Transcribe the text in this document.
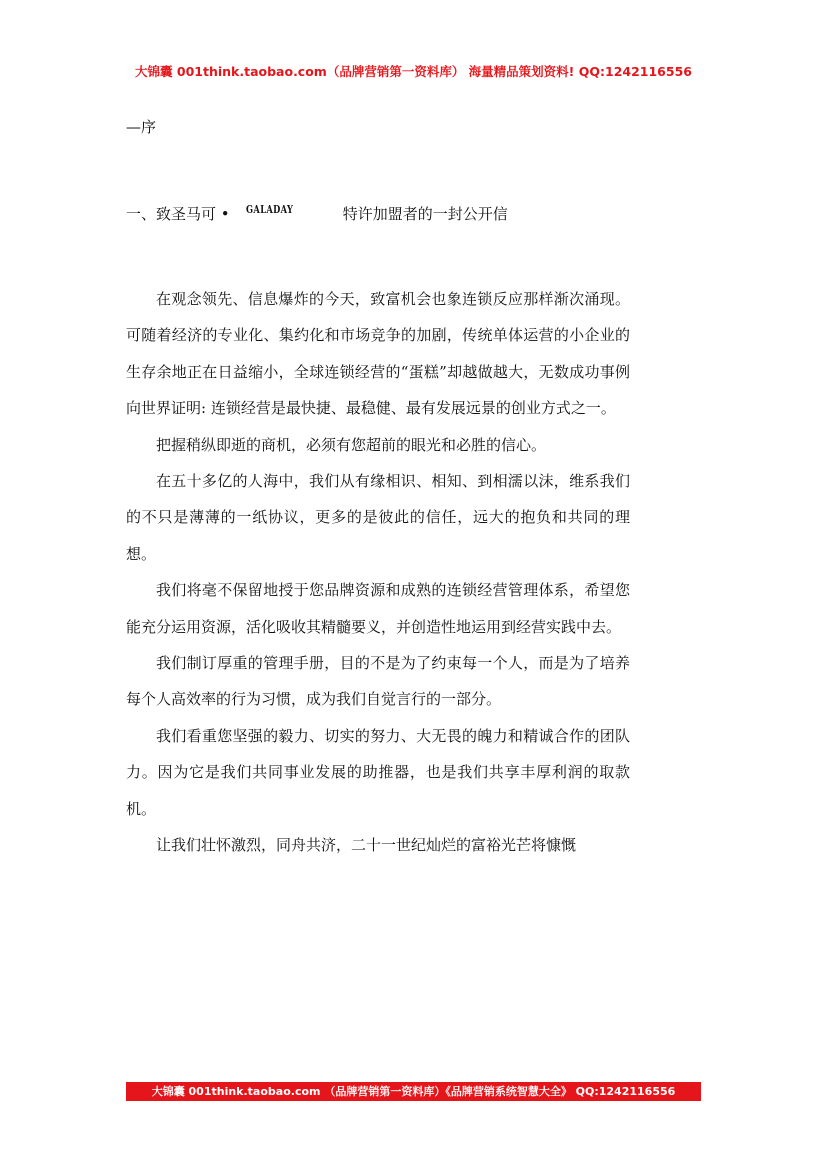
大锦囊 001think.taobao.com（品牌营销第一资料库） 海量精品策划资料! QQ:1242116556
—序
一、致圣马可 • GALADAY	特许加盟者的一封公开信

在观念领先、信息爆炸的今天，致富机会也象连锁反应那样渐次涌现。可随着经济的专业化、集约化和市场竞争的加剧，传统单体运营的小企业的生存余地正在日益缩小，全球连锁经营的“蛋糕”却越做越大，无数成功事例向世界证明: 连锁经营是最快捷、最稳健、最有发展远景的创业方式之一。

把握稍纵即逝的商机，必须有您超前的眼光和必胜的信心。

在五十多亿的人海中，我们从有缘相识、相知、到相濡以沫，维系我们的不只是薄薄的一纸协议，更多的是彼此的信任，远大的抱负和共同的理想。

我们将毫不保留地授于您品牌资源和成熟的连锁经营管理体系，希望您能充分运用资源，活化吸收其精髓要义，并创造性地运用到经营实践中去。

我们制订厚重的管理手册，目的不是为了约束每一个人，而是为了培养每个人高效率的行为习惯，成为我们自觉言行的一部分。

我们看重您坚强的毅力、切实的努力、大无畏的魄力和精诚合作的团队力。因为它是我们共同事业发展的助推器，也是我们共享丰厚利润的取款机。

让我们壮怀激烈，同舟共济，二十一世纪灿烂的富裕光芒将慷慨

大锦囊 001think.taobao.com （品牌营销第一资料库）《品牌营销系统智慧大全》 QQ:1242116556
